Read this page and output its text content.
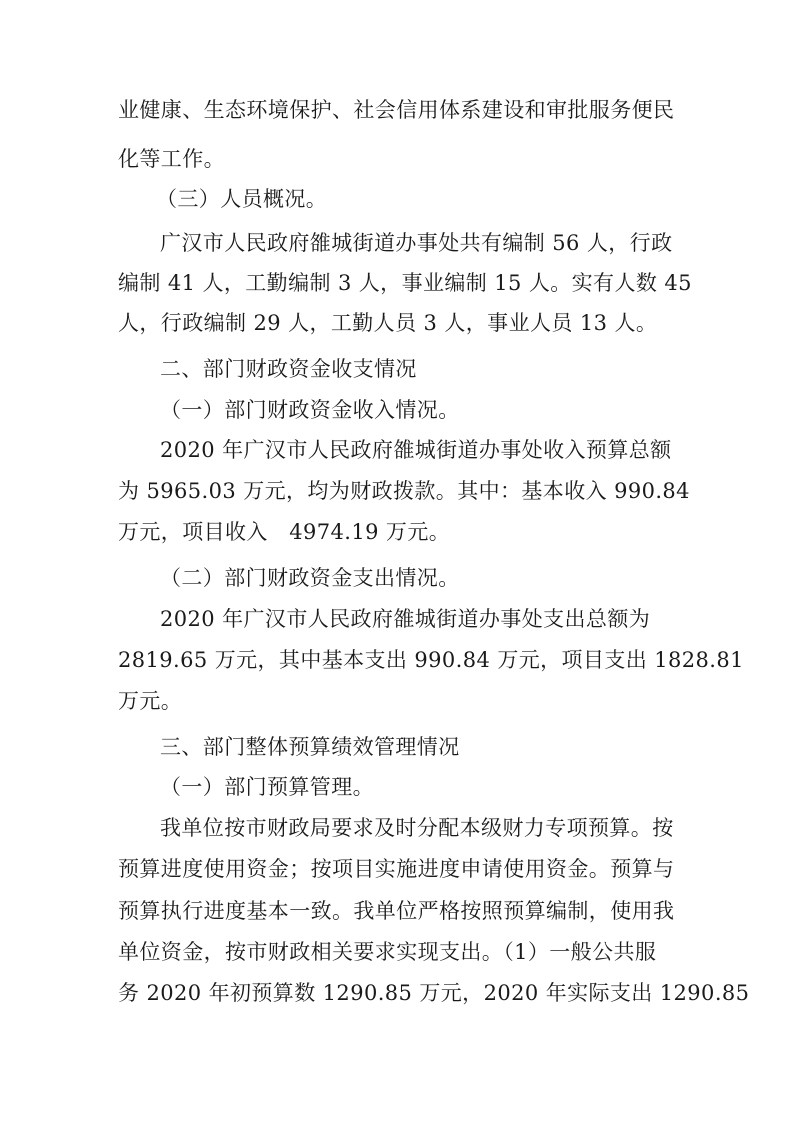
业健康、生态环境保护、社会信用体系建设和审批服务便民
化等工作。
（三）人员概况。
广汉市人民政府雒城街道办事处共有编制 56 人，行政
编制 41 人，工勤编制 3 人，事业编制 15 人。实有人数 45
人，行政编制 29 人，工勤人员 3 人，事业人员 13 人。
二、部门财政资金收支情况
（一）部门财政资金收入情况。
2020 年广汉市人民政府雒城街道办事处收入预算总额
为 5965.03 万元，均为财政拨款。其中：基本收入 990.84
万元，项目收入　4974.19 万元。
（二）部门财政资金支出情况。
2020 年广汉市人民政府雒城街道办事处支出总额为
2819.65 万元，其中基本支出 990.84 万元，项目支出 1828.81
万元。
三、部门整体预算绩效管理情况
（一）部门预算管理。
我单位按市财政局要求及时分配本级财力专项预算。按
预算进度使用资金；按项目实施进度申请使用资金。预算与
预算执行进度基本一致。我单位严格按照预算编制，使用我
单位资金，按市财政相关要求实现支出。（1）一般公共服
务 2020 年初预算数 1290.85 万元，2020 年实际支出 1290.85
